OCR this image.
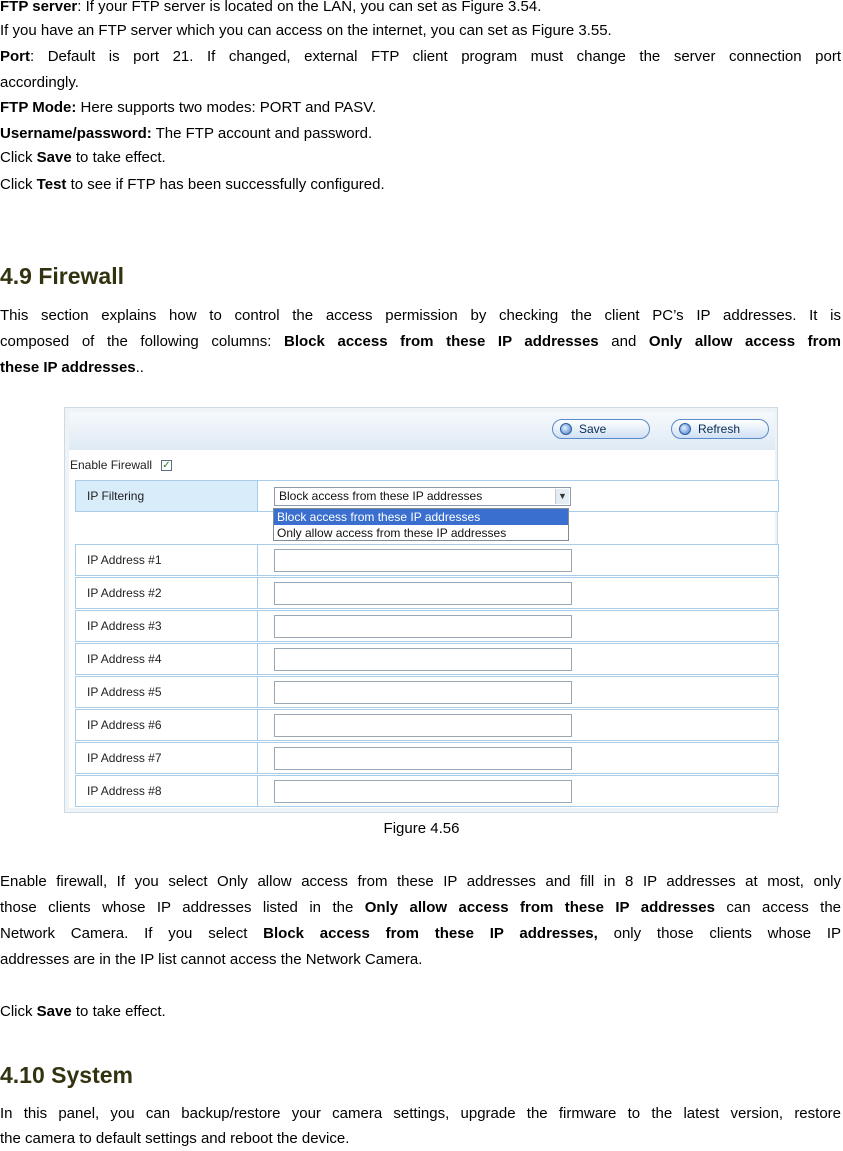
FTP server: If your FTP server is located on the LAN, you can set as Figure 3.54.

If you have an FTP server which you can access on the internet, you can set as Figure 3.55.

Port: Default is port 21. If changed, external FTP client program must change the server connection port

accordingly.

FTP Mode: Here supports two modes: PORT and PASV.

Username/password: The FTP account and password.

Click Save to take effect.

Click Test to see if FTP has been successfully configured.

4.9 Firewall

This section explains how to control the access permission by checking the client PC’s IP addresses. It is

composed of the following columns: Block access from these IP addresses and Only allow access from

these IP addresses..

Save	Refresh
Enable Firewall ✓
IP Filtering	Block access from these IP addresses	▼
IP Address #1
IP Address #2
IP Address #3
IP Address #4
IP Address #5
IP Address #6
IP Address #7
IP Address #8
Block access from these IP addresses
Only allow access from these IP addresses
Figure 4.56

Enable firewall, If you select Only allow access from these IP addresses and fill in 8 IP addresses at most, only

those clients whose IP addresses listed in the Only allow access from these IP addresses can access the

Network Camera. If you select Block access from these IP addresses, only those clients whose IP

addresses are in the IP list cannot access the Network Camera.

Click Save to take effect.

4.10 System

In this panel, you can backup/restore your camera settings, upgrade the firmware to the latest version, restore

the camera to default settings and reboot the device.
